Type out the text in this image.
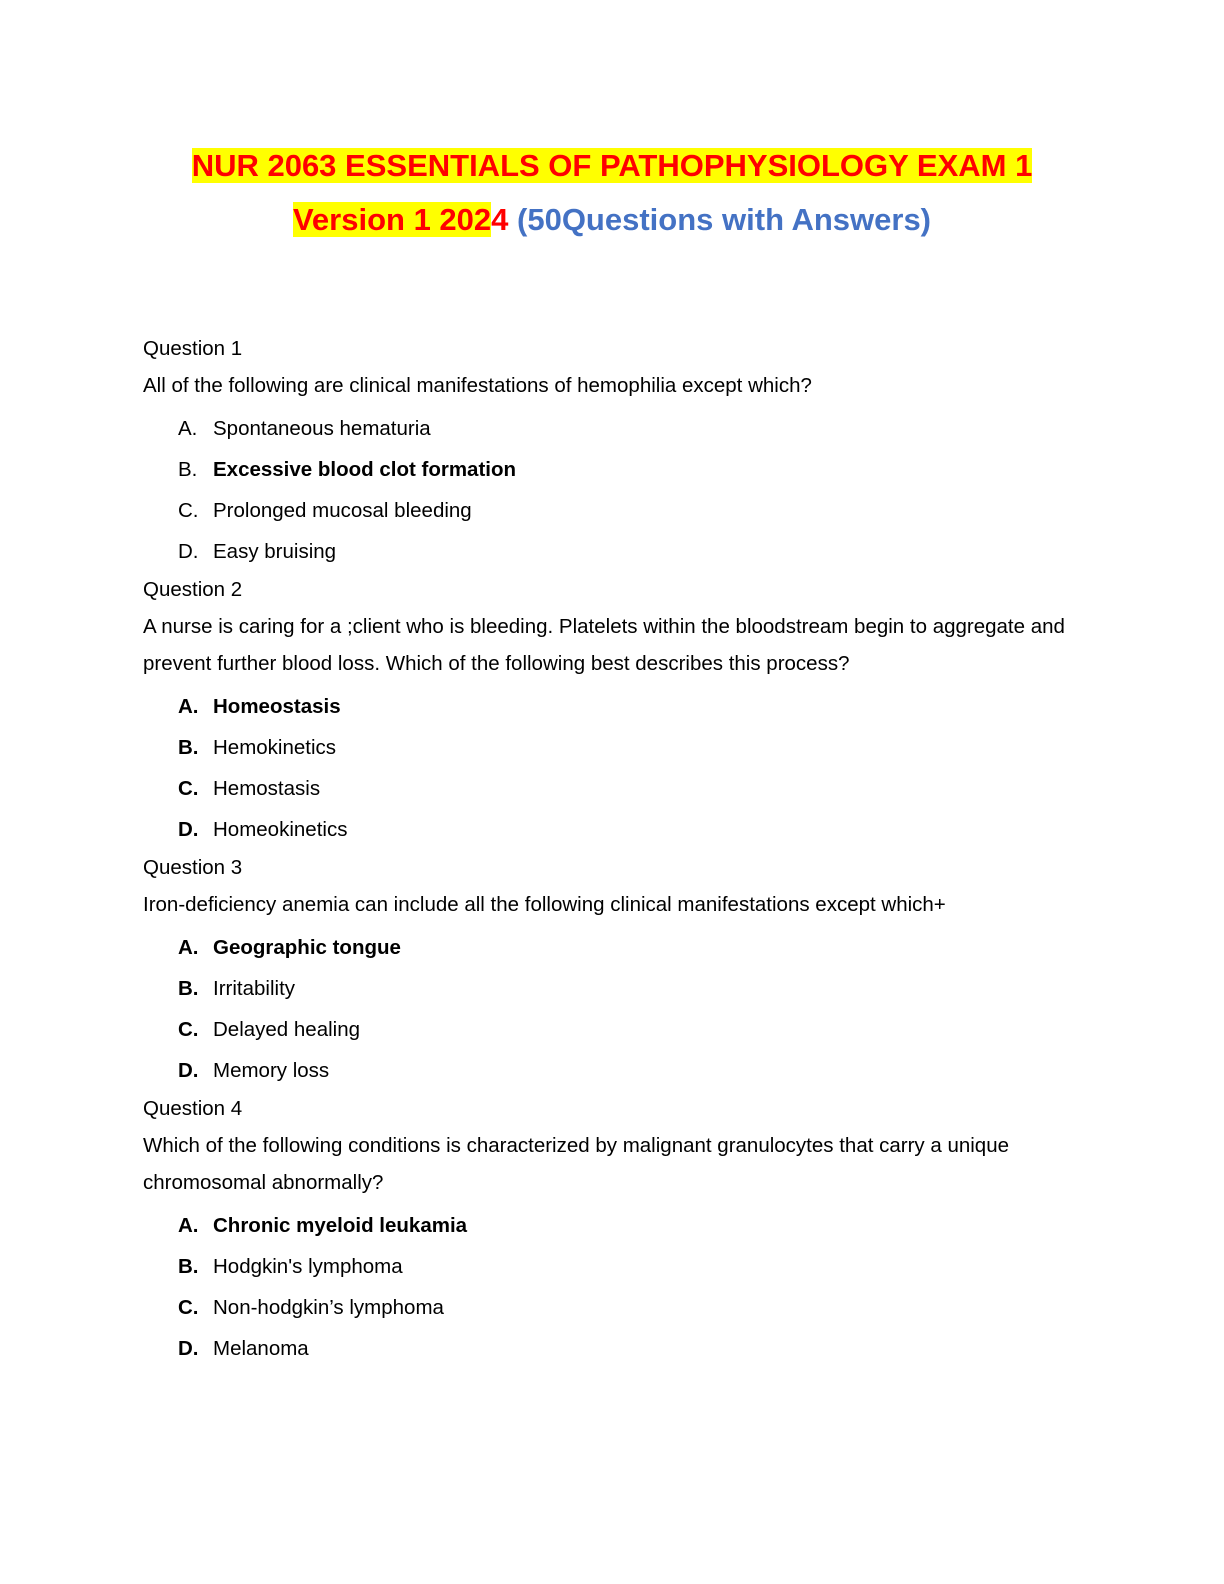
NUR 2063 ESSENTIALS OF PATHOPHYSIOLOGY EXAM 1
Version 1 2024 (50Questions with Answers)
Question 1
All of the following are clinical manifestations of hemophilia except which?
A. Spontaneous hematuria
B. Excessive blood clot formation
C. Prolonged mucosal bleeding
D. Easy bruising
Question 2
A nurse is caring for a ;client who is bleeding. Platelets within the bloodstream begin to aggregate and prevent further blood loss. Which of the following best describes this process?
A. Homeostasis
B. Hemokinetics
C. Hemostasis
D. Homeokinetics
Question 3
Iron-deficiency anemia can include all the following clinical manifestations except which+
A. Geographic tongue
B. Irritability
C. Delayed healing
D. Memory loss
Question 4
Which of the following conditions is characterized by malignant granulocytes that carry a unique chromosomal abnormally?
A. Chronic myeloid leukamia
B. Hodgkin's lymphoma
C. Non-hodgkin’s lymphoma
D. Melanoma
